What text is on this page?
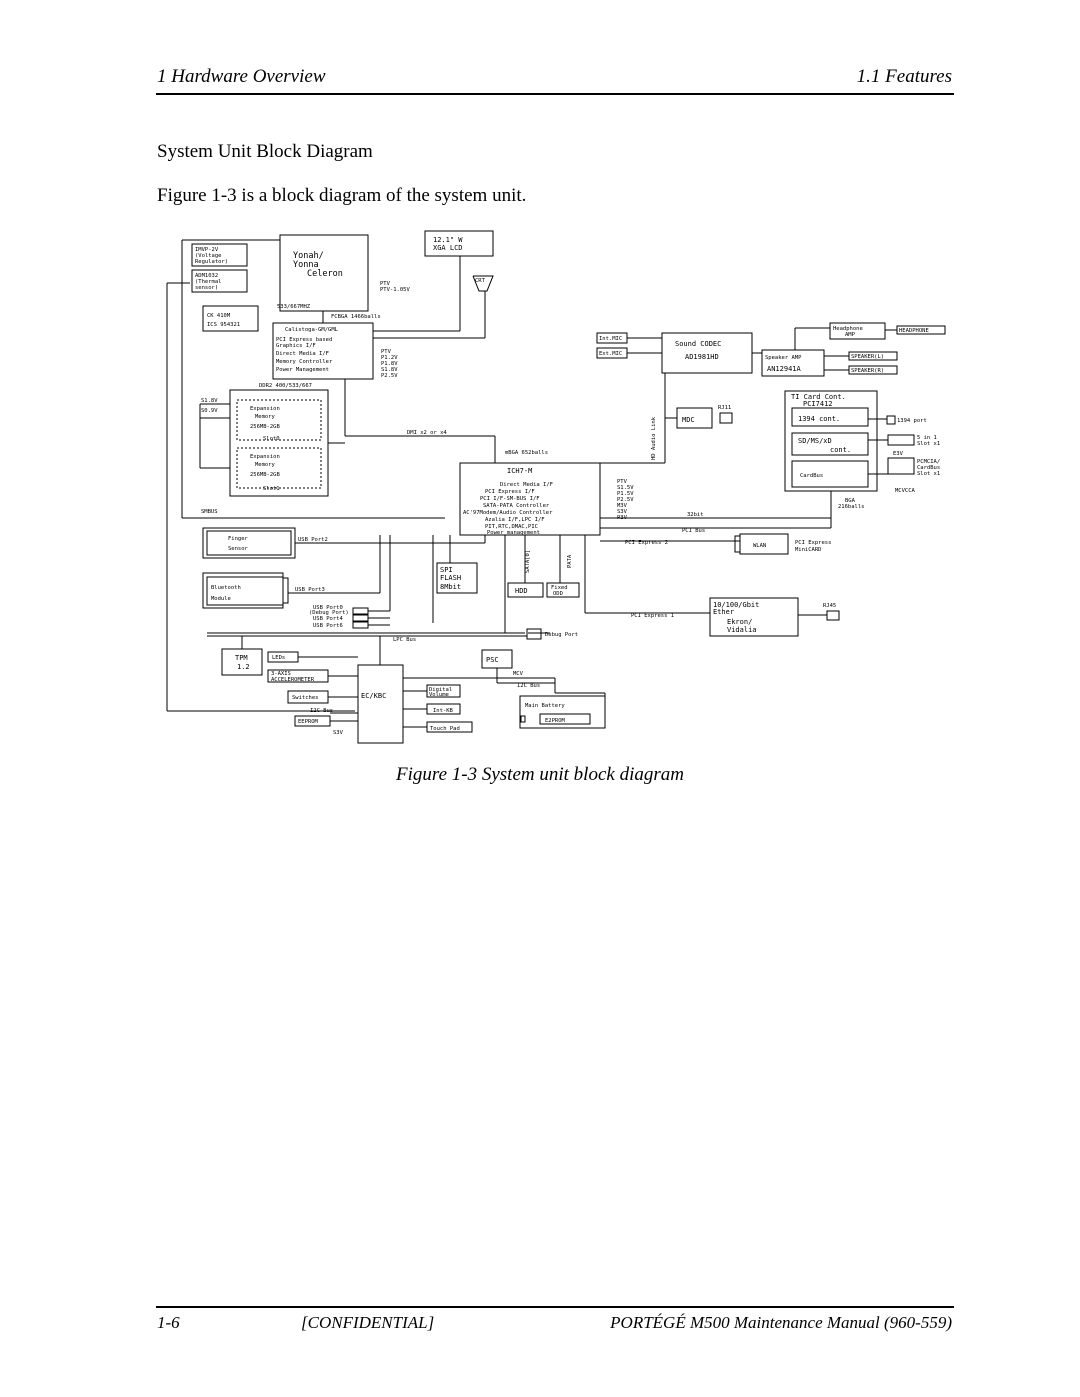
1 Hardware Overview	1.1 Features
System Unit Block Diagram
Figure 1-3 is a block diagram of the system unit.
IMVP-2V
(Voltage
Regulator)
ADM1032
(Thermal
sensor)
Yonah/
Yonna
Celeron
PTV
PTV-1.05V
533/667MHZ
FCBGA 1466balls
CK 410M
ICS 954321
12.1" W
XGA LCD
CRT
Calistoga-GM/GML
PCI Express based
Graphics I/F
Direct Media I/F
Memory Controller
Power Management
PTV
P1.2V
P1.8V
S1.8V
P2.5V
DDR2 400/533/667
S1.8V
S0.9V	Expansion
Memory
256MB-2GB
Slot0
Expansion
Memory
256MB-2GB
Slot1
SMBUS
DMI x2 or x4
mBGA 652balls
ICH7-M
Direct Media I/F
PCI Express I/F
PCI I/F-SM-BUS I/F
SATA-PATA Controller
AC'97Modem/Audio Controller
Azalia I/F,LPC I/F
PIT,RTC,DMAC,PIC
Power management
PTV
S1.5V
P1.5V
P2.5V
M3V
S3V
P3V
Int.MIC
Ext.MIC
Sound CODEC
AD1981HD
HD Audio Link	MDC
RJ11
Headphone
AMP
HEADPHONE
Speaker AMP
AN12941A
SPEAKER(L)
SPEAKER(R)
TI Card Cont.
PCI7412
1394 cont.	1394 port
SD/MS/xD
cont.
5 in 1
Slot x1
E3V
CardBus
PCMCIA/
CardBus
Slot x1
MCVCCA
BGA
216balls
32bit
PCI Bus
PCI Express 2	WLAN	PCI Express
MiniCARD
Finger
Sensor
USB Port2
Bluetooth
Module
USB Port3
USB Port0
(Debug Port)
USB Port4
USB Port6
SPI
FLASH
8Mbit
SATA[0]	PATA
HDD	Fixed
ODD
PCI Express 1
10/100/Gbit
Ether
Ekron/
Vidalia
RJ45
LPC Bus
Debug Port
TPM
1.2
LEDs
3-AXIS
ACCELEROMETER
Switches
I2C Bus
EEPROM
S3V
EC/KBC
PSC
MCV
I2C Bus
Digital
Volume
Int-KB
Touch Pad
Main Battery
E2PROM
Figure 1-3 System unit block diagram
1-6	[CONFIDENTIAL]	PORTÉGÉ M500 Maintenance Manual (960-559)
